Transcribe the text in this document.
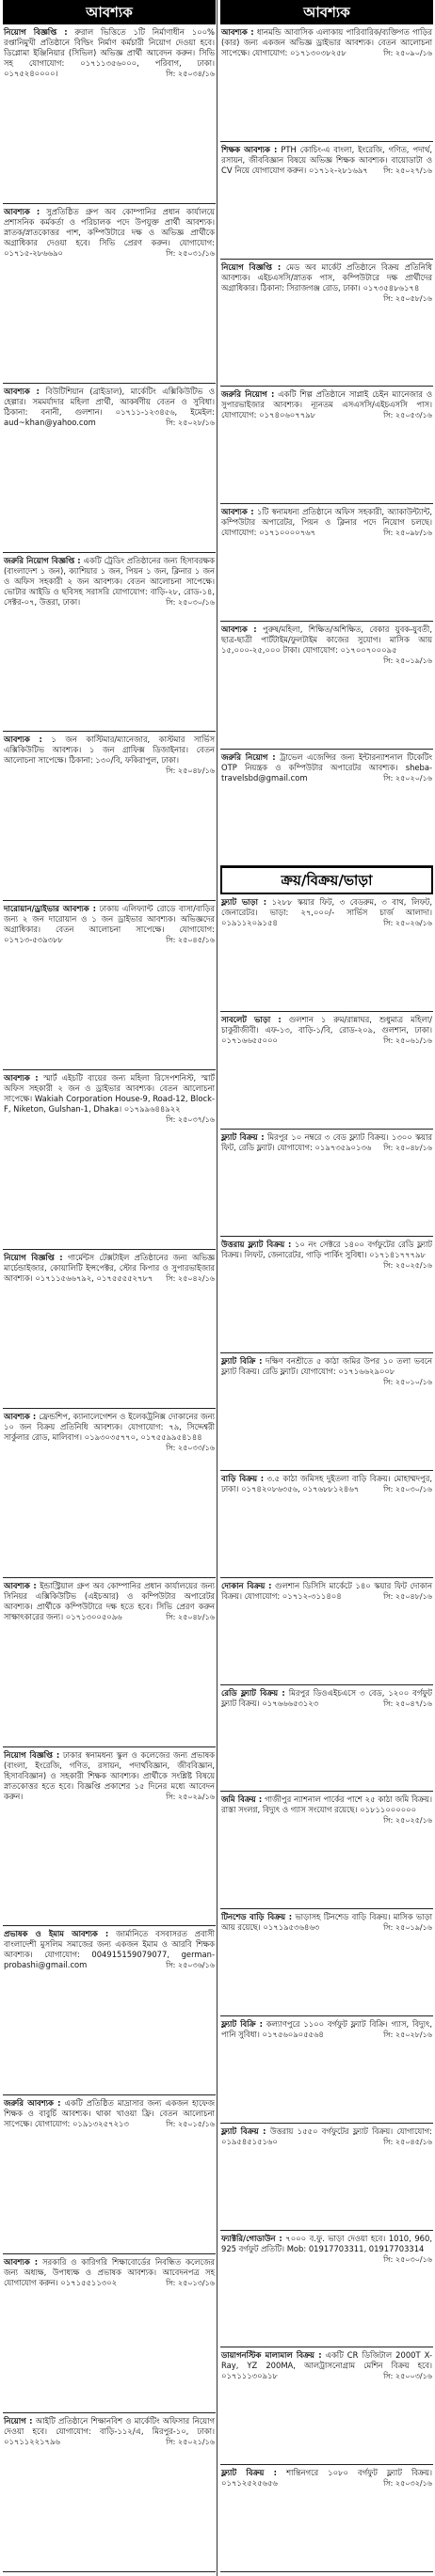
আবশ্যক
নিয়োগ বিজ্ঞপ্তি : রুরাল ভিত্তিতে ১টি নির্মাণাধীন ১০০% রপ্তানিমুখী প্রতিষ্ঠানে বিল্ডিং নির্মাণ কর্মচারী নিয়োগ দেওয়া হবে। ডিপ্লোমা ইঞ্জিনিয়ার (সিভিল) অভিজ্ঞ প্রার্থী আবেদন করুন। সিভি সহ যোগাযোগ: ০১৭১১৩৫৬০০০, পরিবাগ, ঢাকা। ০১৭৫২৪০০০০।	সি: ২৫০৩৪/১৬
আবশ্যক : সুপ্রতিষ্ঠিত গ্রুপ অব কোম্পানির প্রধান কার্যালয়ে প্রশাসনিক কর্মকর্তা ও পরিচালক পদে উপযুক্ত প্রার্থী আবশ্যক। স্নাতক/স্নাতকোত্তর পাশ, কম্পিউটারে দক্ষ ও অভিজ্ঞ প্রার্থীকে অগ্রাধিকার দেওয়া হবে। সিভি প্রেরণ করুন। যোগাযোগ: ০১৭১৫-২৮৬৬৯০	সি: ২৫০৩১/১৬
আবশ্যক : বিউটিশিয়ান (ব্রাইডাল), মার্কেটিং এক্সিকিউটিভ ও হেল্পার। সমমর্যাদার মহিলা প্রার্থী, আকর্ষণীয় বেতন ও সুবিধা। ঠিকানা: বনানী, গুলশান। ০১৭১১-১২৩৪৫৬, ইমেইল: aud~khan@yahoo.com	সি: ২৫০২৮/১৬
জরুরি নিয়োগ বিজ্ঞপ্তি : একটি ট্রেডিং প্রতিষ্ঠানের জন্য হিসাবরক্ষক (বাংলাদেশ ১ জন), ক্যাশিয়ার ১ জন, পিয়ন ১ জন, ক্লিনার ১ জন ও অফিস সহকারী ২ জন আবশ্যক। বেতন আলোচনা সাপেক্ষে। ভোটার আইডি ও ছবিসহ সরাসরি যোগাযোগ: বাড়ি-২৮, রোড-১৪, সেক্টর-০৭, উত্তরা, ঢাকা।	সি: ২৫০৩০/১৬
আবশ্যক : ১ জন কাস্টিমার/ম্যানেজার, কাস্টমার সার্ভিস এক্সিকিউটিভ আবশ্যক। ১ জন গ্রাফিক্স ডিজাইনার। বেতন আলোচনা সাপেক্ষে। ঠিকানা: ১৩০/বি, ফকিরাপুল, ঢাকা।
সি: ২৫০৪৮/১৬
দারোয়ান/ড্রাইভার আবশ্যক : ঢাকায় এলিফ্যান্ট রোডে বাসা/বাড়ির জন্য ২ জন দারোয়ান ও ১ জন ড্রাইভার আবশ্যক। অভিজ্ঞদের অগ্রাধিকার। বেতন আলোচনা সাপেক্ষে। যোগাযোগ: ০১৭১৩-৫৩৯৩৮৮	সি: ২৫০৪৫/১৬
আবশ্যক : স্মার্ট এইচটি বায়ের জন্য মহিলা রিসেপশনিস্ট, স্মার্ট অফিস সহকারী ২ জন ও ড্রাইভার আবশ্যক। বেতন আলোচনা সাপেক্ষে। Wakiah Corporation House-9, Road-12, Block-F, Niketon, Gulshan-1, Dhaka। ০১৭৯৯৬৪৪৯২২
সি: ২৫০৩৭/১৬
নিয়োগ বিজ্ঞপ্তি : গার্মেন্টস টেক্সটাইল প্রতিষ্ঠানের জন্য অভিজ্ঞ মার্চেন্ডাইজার, কোয়ালিটি ইন্সপেক্টর, স্টোর কিপার ও সুপারভাইজার আবশ্যক। ০১৭১১৫৬৬৭৯২, ০১৭৫৫৫৫২৭৮৭ সি: ২৫০৪২/১৬
আবশ্যক : ফ্রেন্ডশিপ, ক্যানালেগেশন ও ইলেকট্রনিক্স দোকানের জন্য ১০ জন বিক্রয় প্রতিনিধি আবশ্যক। যোগাযোগ: ৭৯, সিদ্দেশ্বরী সার্কুলার রোড, মালিবাগ। ০১৯৩০৩৫৭৭০, ০১৭৫৫৯৯৫৪১৪৪
সি: ২৫০৩৩/১৬
আবশ্যক : ইন্ডাস্ট্রিয়াল গ্রুপ অব কোম্পানির প্রধান কার্যালয়ের জন্য সিনিয়র এক্সিকিউটিভ (এইচআর) ও কম্পিউটার অপারেটর আবশ্যক। প্রার্থীকে কম্পিউটারে দক্ষ হতে হবে। সিভি প্রেরণ করুন সাক্ষাৎকারের জন্য। ০১৭১৩০০৫০৯৬	সি: ২৫০৪৮/১৬
নিয়োগ বিজ্ঞপ্তি : ঢাকার স্বনামধন্য স্কুল ও কলেজের জন্য প্রভাষক (বাংলা, ইংরেজি, গণিত, রসায়ন, পদার্থবিজ্ঞান, জীববিজ্ঞান, হিসাববিজ্ঞান) ও সহকারী শিক্ষক আবশ্যক। প্রার্থীকে সংশ্লিষ্ট বিষয়ে স্নাতকোত্তর হতে হবে। বিজ্ঞপ্তি প্রকাশের ১৫ দিনের মধ্যে আবেদন করুন।	সি: ২৫০২৯/১৬
প্রভাষক ও ইমাম আবশ্যক : জার্মানিতে বসবাসরত প্রবাসী বাংলাদেশী মুসলিম সমাজের জন্য একজন ইমাম ও আরবি শিক্ষক আবশ্যক। যোগাযোগ: 004915159079077, german-probashi@gmail.com	সি: ২৫০৩৬/১৬
জরুরি আবশ্যক : একটি প্রতিষ্ঠিত মাদ্রাসার জন্য একজন হাফেজ শিক্ষক ও বাবুর্চি আবশ্যক। থাকা খাওয়া ফ্রি। বেতন আলোচনা সাপেক্ষে। যোগাযোগ: ০১৯১৩২৫৭২১৩	সি: ২৫০১৫/১৬
আবশ্যক : সরকারি ও কারিগরি শিক্ষাবোর্ডের নিবন্ধিত কলেজের জন্য অধ্যক্ষ, উপাধ্যক্ষ ও প্রভাষক আবশ্যক। আবেদনপত্র সহ যোগাযোগ করুন। ০১৭১৫৫১১৩০২	সি: ২৫০১৩/১৬
নিয়োগ : আইটি প্রতিষ্ঠানে শিক্ষানবিশ ও মার্কেটিং অফিসার নিয়োগ দেওয়া হবে। যোগাযোগ: বাড়ি-১১২/এ, মিরপুর-১০, ঢাকা। ০১৭১১২২১৭৯৬	সি: ২৫০২১/১৬
আবশ্যক
আবশ্যক : ধানমন্ডি আবাসিক এলাকায় পারিবারিক/ব্যক্তিগত গাড়ির (কার) জন্য একজন অভিজ্ঞ ড্রাইভার আবশ্যক। বেতন আলোচনা সাপেক্ষে। যোগাযোগ: ০১৭১৩০৩৮২৫৮	সি: ২৫০৯০/১৬
শিক্ষক আবশ্যক : PTH কোচিং-এ বাংলা, ইংরেজি, গণিত, পদার্থ, রসায়ন, জীববিজ্ঞান বিষয়ে অভিজ্ঞ শিক্ষক আবশ্যক। বায়োডাটা ও CV নিয়ে যোগাযোগ করুন। ০১৭১২-২৮১৬৯৭ সি: ২৫০২৭/১৬
নিয়োগ বিজ্ঞপ্তি : মেড অব মার্কেট প্রতিষ্ঠানে বিক্রয় প্রতিনিধি আবশ্যক। এইচএসসি/স্নাতক পাস, কম্পিউটারে দক্ষ প্রার্থীদের অগ্রাধিকার। ঠিকানা: সিরাজগঞ্জ রোড, ঢাকা। ০১৭৩৫৪৮৬১৭৪
সি: ২৫০৫৮/১৬
জরুরি নিয়োগ : একটি শিল্প প্রতিষ্ঠানে সাপ্লাই চেইন ম্যানেজার ও সুপারভাইজার আবশ্যক। ন্যূনতম এসএসসি/এইচএসসি পাস। যোগাযোগ: ০১৭৪০৬০৭৭৯৮	সি: ২৫০৫৩/১৬
আবশ্যক : ১টি স্বনামধন্য প্রতিষ্ঠানে অফিস সহকারী, অ্যাকাউন্ট্যান্ট, কম্পিউটার অপারেটর, পিয়ন ও ক্লিনার পদে নিয়োগ চলছে। যোগাযোগ: ০১৭১০০০০৭৬৭	সি: ২৫০৯৮/১৬
আবশ্যক : পুরুষ/মহিলা, শিক্ষিত/অশিক্ষিত, বেকার যুবক-যুবতী, ছাত্র-ছাত্রী পার্টটাইম/ফুলটাইম কাজের সুযোগ। মাসিক আয় ১৫,০০০-২৫,০০০ টাকা। যোগাযোগ: ০১৭০০৭০০০৯৫
সি: ২৫০১৯/১৬
জরুরি নিয়োগ : ট্রাভেল এজেন্সির জন্য ইন্টারন্যাশনাল টিকেটিং OTP নিয়ন্ত্রক ও কম্পিউটার অপারেটর আবশ্যক। sheba-travelsbd@gmail.com	সি: ২৫০২০/১৬
ক্রয়/বিক্রয়/ভাড়া
ফ্ল্যাট ভাড়া : ১২৮৮ স্কয়ার ফিট, ৩ বেডরুম, ৩ বাথ, লিফট, জেনারেটর। ভাড়া: ২৭,০০০/- সার্ভিস চার্জ আলাদা। ০১৯১১২০৯১৫৪	সি: ২৫০২৬/১৬
সাবলেট ভাড়া : গুলশান ১ রুম/রান্নাঘর, শুধুমাত্র মহিলা/চাকুরীজীবী। এফ-১৩, বাড়ি-১/বি, রোড-২০৯, গুলশান, ঢাকা। ০১৭১৬৬৫৫০০০	সি: ২৫০৬১/১৬
ফ্ল্যাট বিক্রয় : মিরপুর ১০ নম্বরে ৩ বেড ফ্ল্যাট বিক্রয়। ১৩০০ স্কয়ার ফিট, রেডি ফ্ল্যাট। যোগাযোগ: ০১৯৭৩৫৯০১৩৬ সি: ২৫০৪৮/১৬
উত্তরায় ফ্ল্যাট বিক্রয় : ১০ নং সেক্টরে ১৪০০ বর্গফুটের রেডি ফ্ল্যাট বিক্রয়। লিফট, জেনারেটর, গাড়ি পার্কিং সুবিধা। ০১৭১৪১৭৭৭৯৮
সি: ২৫০২৫/১৬
ফ্ল্যাট বিক্রি : দক্ষিণ বনশ্রীতে ৫ কাঠা জমির উপর ১০ তলা ভবনে ফ্ল্যাট বিক্রয়। রেডি ফ্ল্যাট। যোগাযোগ: ০১৭১৬৬২৯০০৮
সি: ২৫০১০/১৬
বাড়ি বিক্রয় : ৩.৫ কাঠা জমিসহ দুইতলা বাড়ি বিক্রয়। মোহাম্মদপুর, ঢাকা। ০১৭৪২০৮৬৩৫৬, ০১৭৬৮৮১২৪৬৭	সি: ২৫০৩০/১৬
দোকান বিক্রয় : গুলশান ডিসিসি মার্কেটে ১৪০ স্কয়ার ফিট দোকান বিক্রয়। যোগাযোগ: ০১৭১২-৩১১৪০৪	সি: ২৫০৪৮/১৬
রেডি ফ্ল্যাট বিক্রয় : মিরপুর ডিওএইচএসে ৩ বেড, ১২০০ বর্গফুট ফ্ল্যাট বিক্রয়। ০১৭৬৬৬৫৩১২৩	সি: ২৫০৪৭/১৬
জমি বিক্রয় : গাজীপুর ন্যাশনাল পার্কের পাশে ২৫ কাঠা জমি বিক্রয়। রাস্তা সংলগ্ন, বিদ্যুৎ ও গ্যাস সংযোগ রয়েছে। ০১৮১১০০০০০০
সি: ২৫০২৫/১৬
টিনশেড বাড়ি বিক্রয় : ভাড়াসহ টিনশেড বাড়ি বিক্রয়। মাসিক ভাড়া আয় রয়েছে। ০১৭১৯৫৩৬৪৬৩	সি: ২৫০১৯/১৬
ফ্ল্যাট বিক্রি : কল্যাণপুরে ১১০০ বর্গফুট ফ্ল্যাট বিক্রি। গ্যাস, বিদ্যুৎ, পানি সুবিধা। ০১৭৫৬০৯০৫৫৬৪	সি: ২৫০২৮/১৬
ফ্ল্যাট বিক্রয় : উত্তরায় ১৫৫০ বর্গফুটের ফ্ল্যাট বিক্রয়। যোগাযোগ: ০১৯৫৪৫১৫১৬০	সি: ২৫০৪৫/১৬
ফ্যাক্টরি/গোডাউন : ৭০০০ ব.ফু. ভাড়া দেওয়া হবে। 1010, 960, 925 বর্গফুট প্রতিটি। Mob: 01917703311, 01917703314
সি: ২৫০৩০/১৬
ডায়াগনস্টিক মালামাল বিক্রয় : একটি CR ডিজিটাল 2000T X-Ray, YZ 200MA, আলট্রাসনোগ্রাম মেশিন বিক্রয় হবে। ০১৭১১১৩০৯১৮	সি: ২৫০০৩/১৬
ফ্ল্যাট বিক্রয় : শান্তিনগরে ১০৮০ বর্গফুট ফ্ল্যাট বিক্রয়। ০১৭১২৫২৫৬৫৬	সি: ২৫০৩২/১৬
